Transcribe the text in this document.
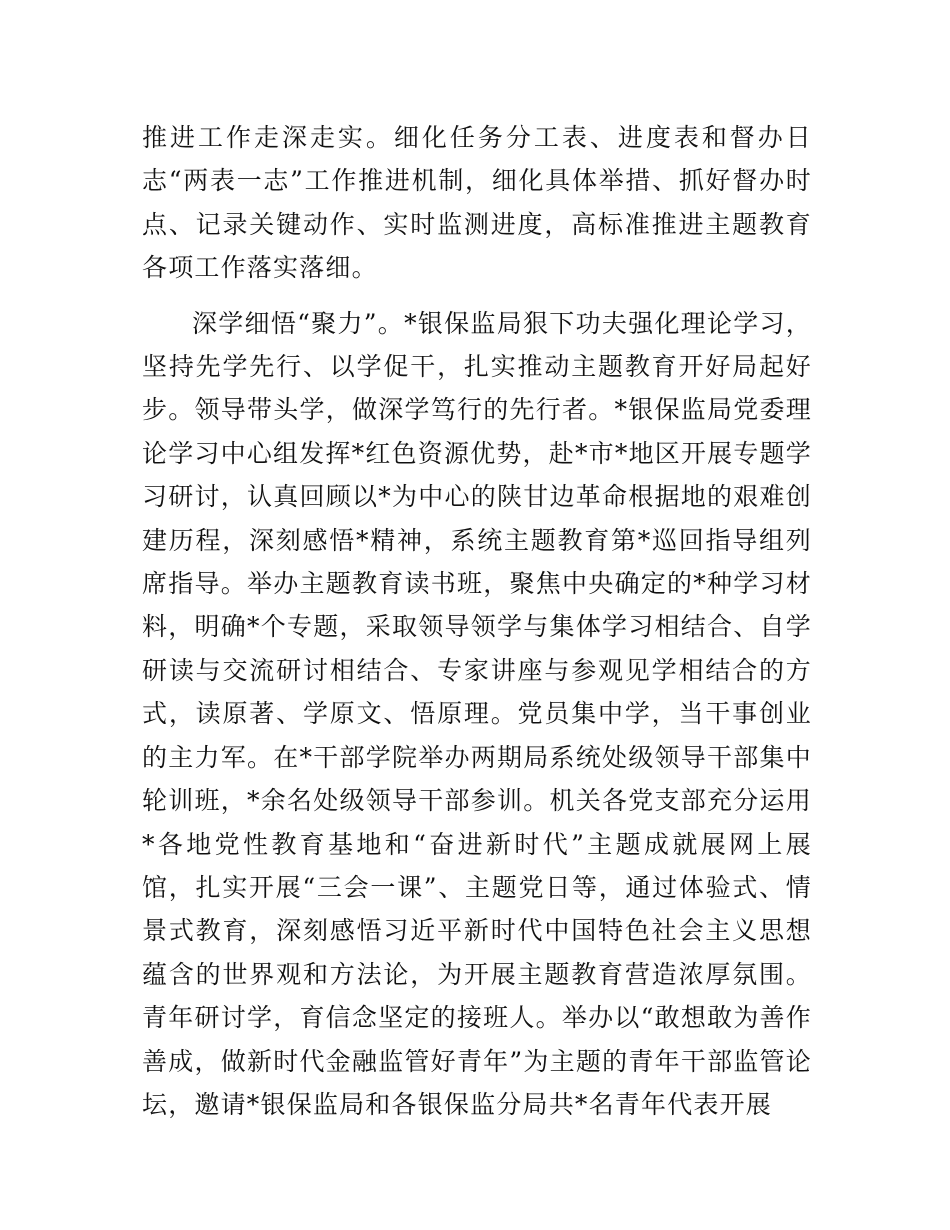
推进工作走深走实。细化任务分工表、进度表和督办日志“两表一志”工作推进机制，细化具体举措、抓好督办时点、记录关键动作、实时监测进度，高标准推进主题教育各项工作落实落细。

深学细悟“聚力”。*银保监局狠下功夫强化理论学习，坚持先学先行、以学促干，扎实推动主题教育开好局起好步。领导带头学，做深学笃行的先行者。*银保监局党委理论学习中心组发挥*红色资源优势，赴*市*地区开展专题学习研讨，认真回顾以*为中心的陕甘边革命根据地的艰难创建历程，深刻感悟*精神，系统主题教育第*巡回指导组列席指导。举办主题教育读书班，聚焦中央确定的*种学习材料，明确*个专题，采取领导领学与集体学习相结合、自学研读与交流研讨相结合、专家讲座与参观见学相结合的方式，读原著、学原文、悟原理。党员集中学，当干事创业的主力军。在*干部学院举办两期局系统处级领导干部集中轮训班，*余名处级领导干部参训。机关各党支部充分运用*各地党性教育基地和“奋进新时代”主题成就展网上展馆，扎实开展“三会一课”、主题党日等，通过体验式、情景式教育，深刻感悟习近平新时代中国特色社会主义思想蕴含的世界观和方法论，为开展主题教育营造浓厚氛围。青年研讨学，育信念坚定的接班人。举办以“敢想敢为善作善成，做新时代金融监管好青年”为主题的青年干部监管论坛，邀请*银保监局和各银保监分局共*名青年代表开展
